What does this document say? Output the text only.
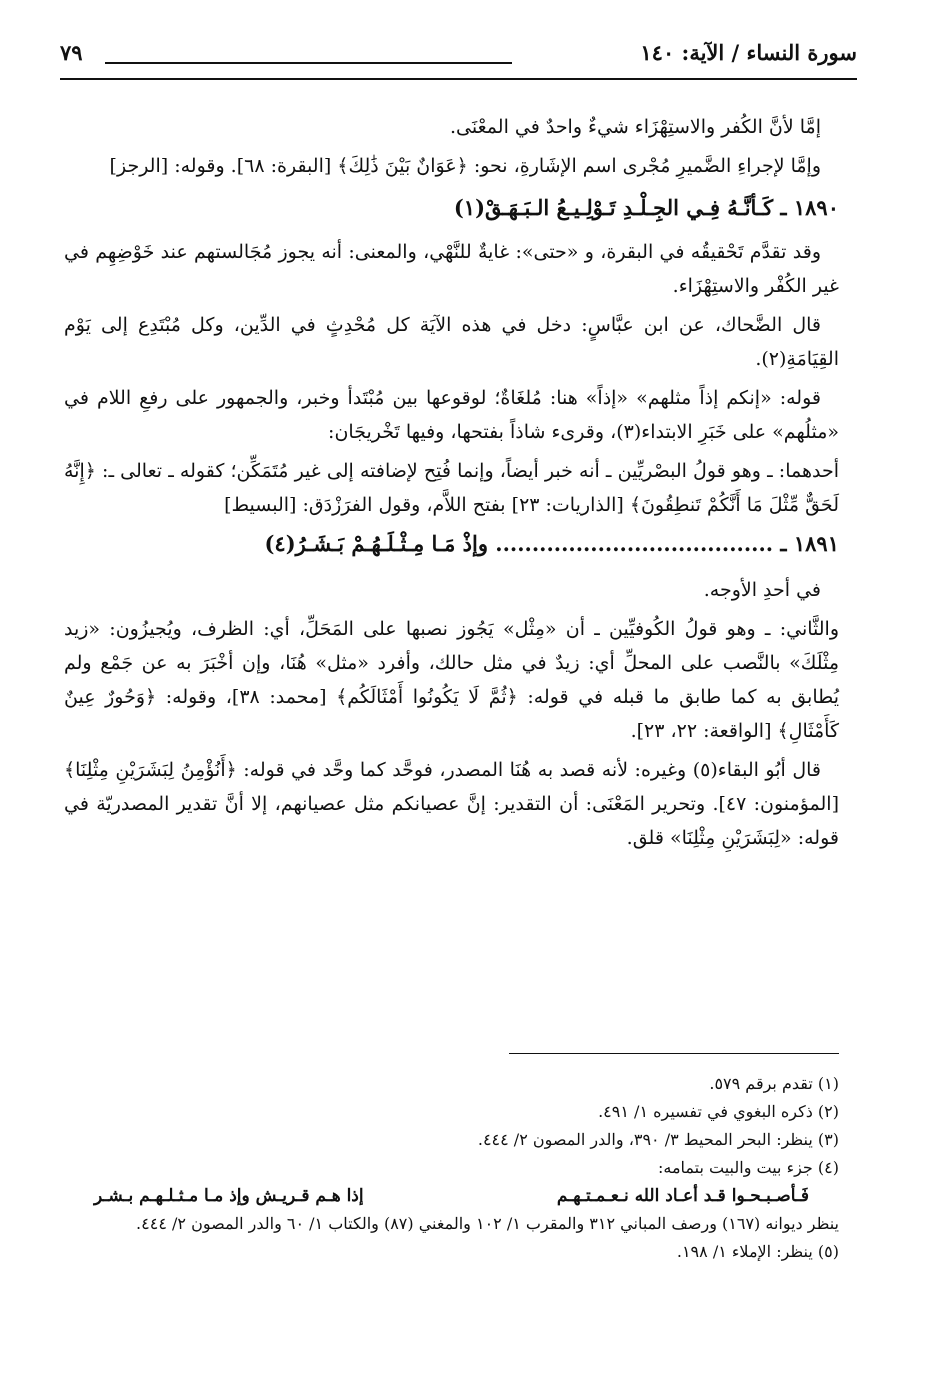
سورة النساء / الآية: ١٤٠
٧٩

إمَّا لأنَّ الكُفر والاستِهْزَاء شيءٌ واحدٌ في المعْنَى.

وإمَّا لإجراءِ الضَّميرِ مُجْرى اسم الإشَارةِ، نحو: ﴿عَوَانٌ بَيْنَ ذَٰلِكَ﴾ [البقرة: ٦٨]. وقوله: [الرجز]

١٨٩٠ ـ كَـأنَّـهُ فِـي الجِـلْـدِ تَـوْلِـيـعُ الـبَـهَـقْ(١)

وقد تقدَّم تَحْقيقُه في البقرة، و «حتى»: غايةٌ للنَّهْي، والمعنى: أنه يجوز مُجَالستهم عند خَوْضِهِم في غير الكُفْر والاستِهْزَاء.

قال الضَّحاك، عن ابن عبَّاسٍ: دخل في هذه الآيَة كل مُحْدِثٍ في الدِّين، وكل مُبْتَدِع إلى يَوْم القِيَامَةِ(٢).

قوله: «إنكم إذاً مثلهم» «إذاً» هنا: مُلغَاةٌ؛ لوقوعها بين مُبْتَدأ وخبر، والجمهور على رفعِ اللام في «مثلُهم» على خَبَرِ الابتداء(٣)، وقرىء شاذاً بفتحها، وفيها تَخْريجَان:

أحدهما: ـ وهو قولُ البصْريِّين ـ أنه خبر أيضاً، وإنما فُتِح لإضافته إلى غير مُتَمَكِّن؛ كقوله ـ تعالى ـ: ﴿إِنَّهُ لَحَقٌّ مِّثْلَ مَا أَنَّكُمْ تَنطِقُونَ﴾ [الذاريات: ٢٣] بفتح اللاَّم، وقول الفرَزْدَق: [البسيط]

١٨٩١ ـ ...................................... وإذْ مَـا مِـثْـلَـهُـمْ بَـشَـرُ(٤)

في أحدِ الأوجه.

والثَّاني: ـ وهو قولُ الكُوفيِّين ـ أن «مِثْل» يَجُوز نصبها على المَحَلِّ، أي: الظرف، ويُجيزُون: «زيد مِثْلَكَ» بالنَّصب على المحلِّ أي: زيدٌ في مثل حالك، وأفرد «مثل» هُنَا، وإن أخْبَرَ به عن جَمْع ولم يُطابق به كما طابق ما قبله في قوله: ﴿ثُمَّ لَا يَكُونُوا أَمْثَالَكُم﴾ [محمد: ٣٨]، وقوله: ﴿وَحُورٌ عِينٌ كَأَمْثَالِ﴾ [الواقعة: ٢٢، ٢٣].

قال أبُو البقاء(٥) وغيره: لأنه قصد به هُنَا المصدر، فوحَّد كما وحَّد في قوله: ﴿أَنُؤْمِنُ لِبَشَرَيْنِ مِثْلِنَا﴾ [المؤمنون: ٤٧]. وتحرير المَعْنَى: أن التقدير: إنَّ عصيانكم مثل عصيانهم، إلا أنَّ تقدير المصدريّة في قوله: «لِبَشَرَيْنِ مِثْلِنَا» قلق.

(١) تقدم برقم ٥٧٩.
(٢) ذكره البغوي في تفسيره ١/ ٤٩١.
(٣) ينظر: البحر المحيط ٣/ ٣٩٠، والدر المصون ٢/ ٤٤٤.
(٤) جزء بيت والبيت بتمامه:
فَـأصـبـحـوا قـد أعـاد الله نـعـمـتـهـم
إذا هـم قـريـش وإذ مـا مـثـلـهـم بـشـر
ينظر ديوانه (١٦٧) ورصف المباني ٣١٢ والمقرب ١/ ١٠٢ والمغني (٨٧) والكتاب ١/ ٦٠ والدر المصون ٢/ ٤٤٤.
(٥) ينظر: الإملاء ١/ ١٩٨.
